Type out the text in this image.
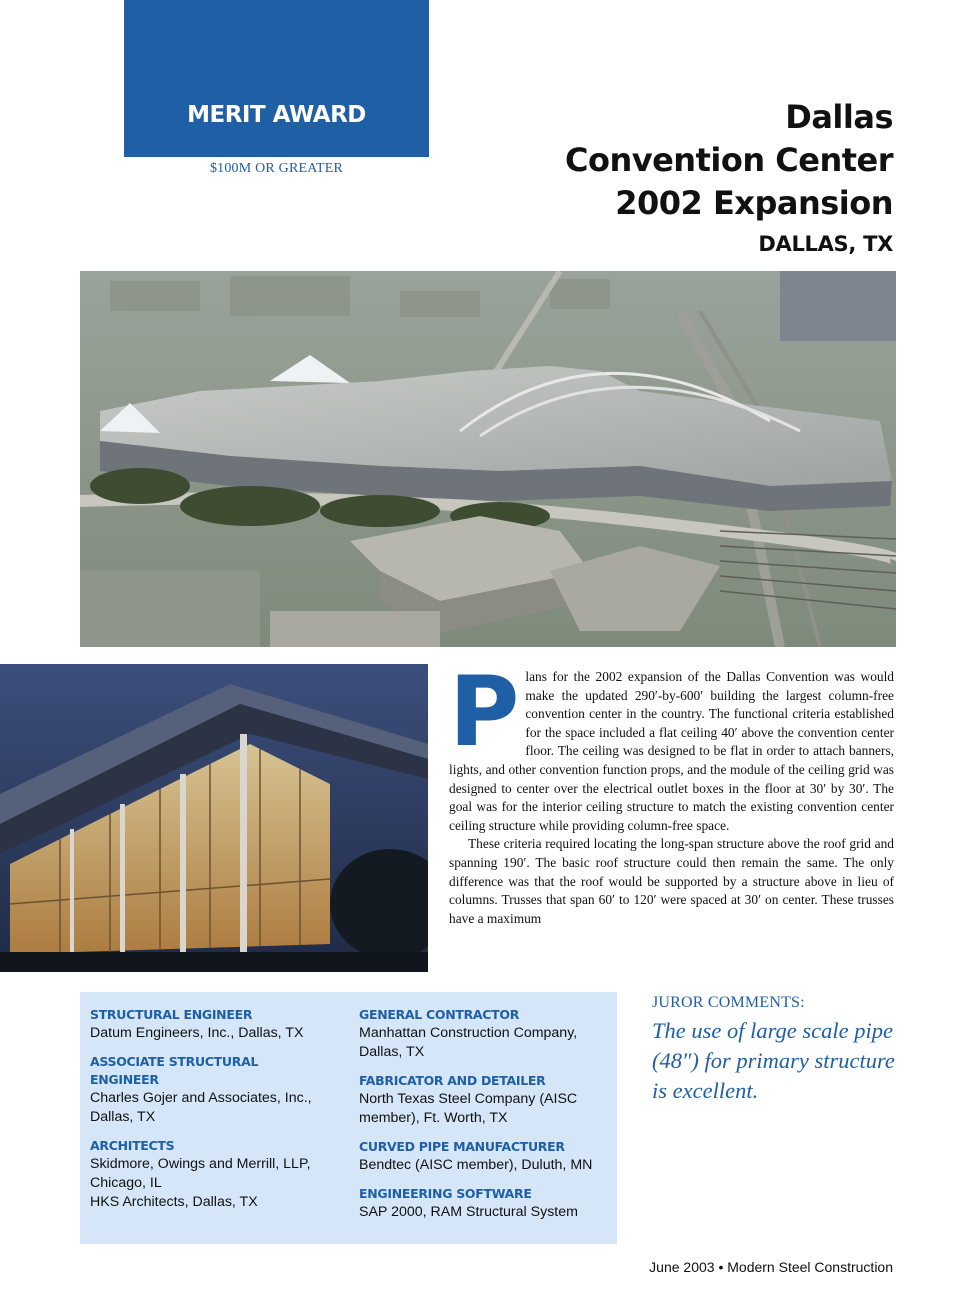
MERIT AWARD
$100M OR GREATER
Dallas
Convention Center
2002 Expansion
DALLAS, TX

Plans for the 2002 expansion of the Dallas Convention was would make the updated 290′-by-600′ building the largest column-free convention center in the country. The functional criteria established for the space included a flat ceiling 40′ above the convention center floor. The ceiling was designed to be flat in order to attach banners, lights, and other convention function props, and the module of the ceiling grid was designed to center over the electrical outlet boxes in the floor at 30′ by 30′. The goal was for the interior ceiling structure to match the existing convention center ceiling structure while providing column-free space.

These criteria required locating the long-span structure above the roof grid and spanning 190′. The basic roof structure could then remain the same. The only difference was that the roof would be supported by a structure above in lieu of columns. Trusses that span 60′ to 120′ were spaced at 30′ on center. These trusses have a maximum

STRUCTURAL ENGINEER
Datum Engineers, Inc., Dallas, TX
ASSOCIATE STRUCTURAL ENGINEER
Charles Gojer and Associates, Inc., Dallas, TX
ARCHITECTS
Skidmore, Owings and Merrill, LLP, Chicago, IL
HKS Architects, Dallas, TX
GENERAL CONTRACTOR
Manhattan Construction Company, Dallas, TX
FABRICATOR AND DETAILER
North Texas Steel Company (AISC member), Ft. Worth, TX
CURVED PIPE MANUFACTURER
Bendtec (AISC member), Duluth, MN
ENGINEERING SOFTWARE
SAP 2000, RAM Structural System
JUROR COMMENTS:
The use of large scale pipe (48″) for primary structure is excellent.
June 2003 • Modern Steel Construction
